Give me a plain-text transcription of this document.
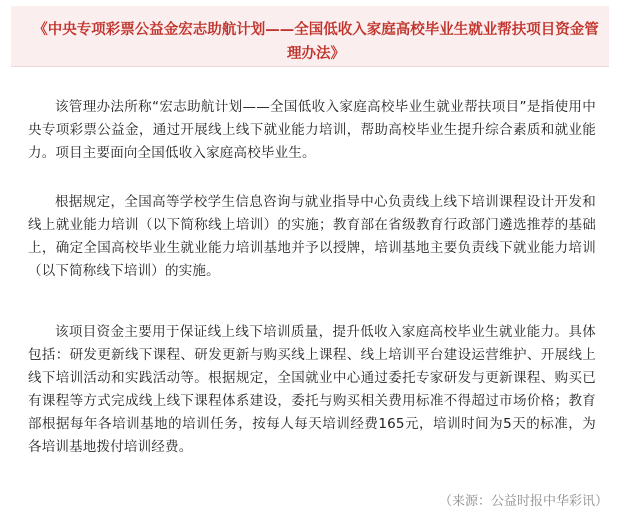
《中央专项彩票公益金宏志助航计划——全国低收入家庭高校毕业生就业帮扶项目资金管理办法》

该管理办法所称“宏志助航计划——全国低收入家庭高校毕业生就业帮扶项目”是指使用中央专项彩票公益金，通过开展线上线下就业能力培训，帮助高校毕业生提升综合素质和就业能力。项目主要面向全国低收入家庭高校毕业生。

根据规定，全国高等学校学生信息咨询与就业指导中心负责线上线下培训课程设计开发和线上就业能力培训（以下简称线上培训）的实施；教育部在省级教育行政部门遴选推荐的基础上，确定全国高校毕业生就业能力培训基地并予以授牌，培训基地主要负责线下就业能力培训（以下简称线下培训）的实施。

该项目资金主要用于保证线上线下培训质量，提升低收入家庭高校毕业生就业能力。具体包括：研发更新线下课程、研发更新与购买线上课程、线上培训平台建设运营维护、开展线上线下培训活动和实践活动等。根据规定，全国就业中心通过委托专家研发与更新课程、购买已有课程等方式完成线上线下课程体系建设，委托与购买相关费用标准不得超过市场价格；教育部根据每年各培训基地的培训任务，按每人每天培训经费165元，培训时间为5天的标准，为各培训基地拨付培训经费。

（来源：公益时报中华彩讯）
